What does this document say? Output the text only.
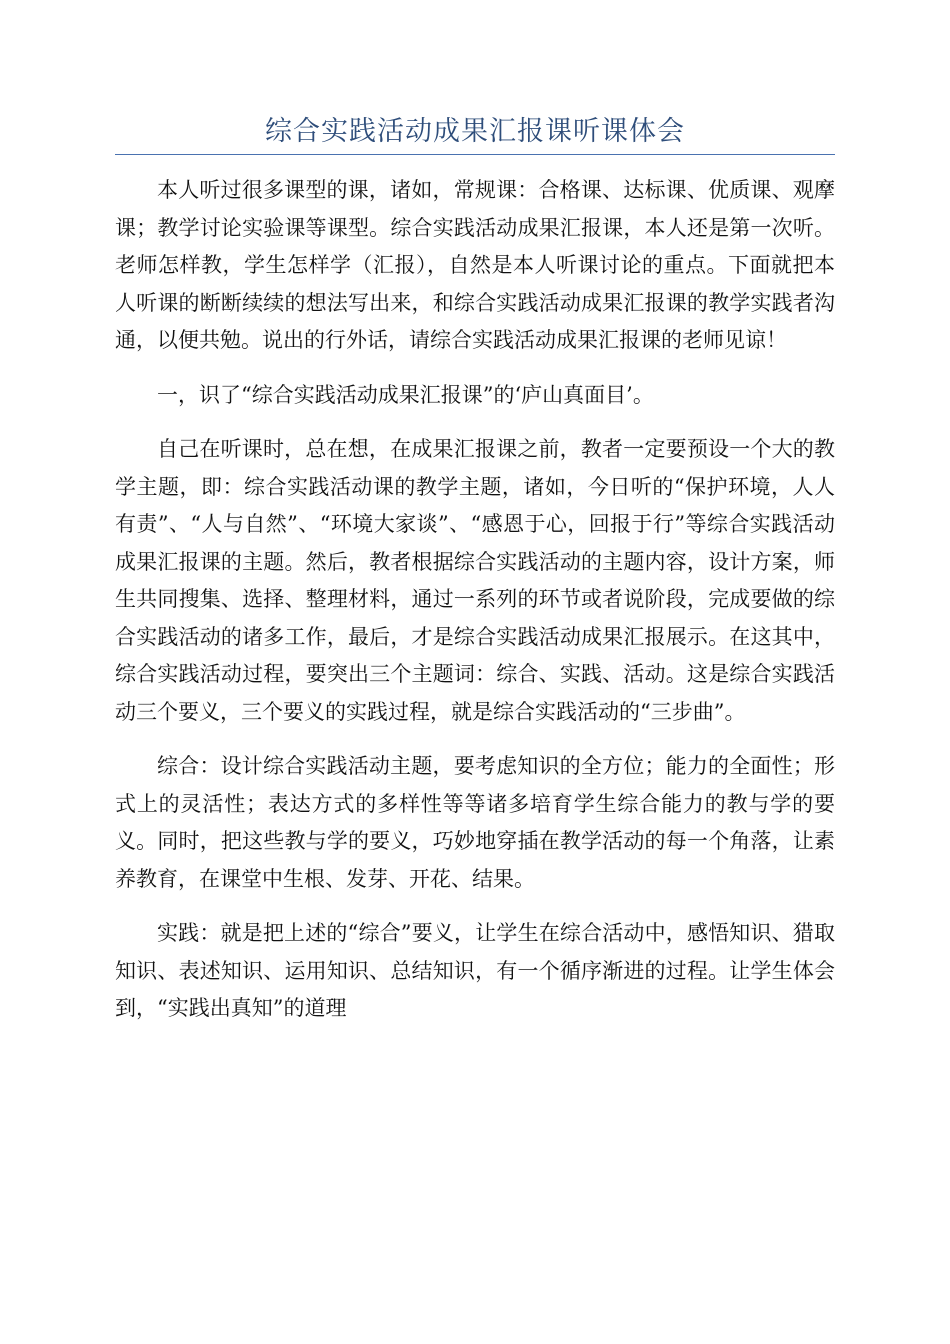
综合实践活动成果汇报课听课体会

本人听过很多课型的课，诸如，常规课：合格课、达标课、优质课、观摩课；教学讨论实验课等课型。综合实践活动成果汇报课，本人还是第一次听。老师怎样教，学生怎样学（汇报），自然是本人听课讨论的重点。下面就把本人听课的断断续续的想法写出来，和综合实践活动成果汇报课的教学实践者沟通，以便共勉。说出的行外话，请综合实践活动成果汇报课的老师见谅！

一，识了“综合实践活动成果汇报课”的‘庐山真面目’。

自己在听课时，总在想，在成果汇报课之前，教者一定要预设一个大的教学主题，即：综合实践活动课的教学主题，诸如，今日听的“保护环境，人人有责”、“人与自然”、“环境大家谈”、“感恩于心，回报于行”等综合实践活动成果汇报课的主题。然后，教者根据综合实践活动的主题内容，设计方案，师生共同搜集、选择、整理材料，通过一系列的环节或者说阶段，完成要做的综合实践活动的诸多工作，最后，才是综合实践活动成果汇报展示。在这其中，综合实践活动过程，要突出三个主题词：综合、实践、活动。这是综合实践活动三个要义，三个要义的实践过程，就是综合实践活动的“三步曲”。

综合：设计综合实践活动主题，要考虑知识的全方位；能力的全面性；形式上的灵活性；表达方式的多样性等等诸多培育学生综合能力的教与学的要义。同时，把这些教与学的要义，巧妙地穿插在教学活动的每一个角落，让素养教育，在课堂中生根、发芽、开花、结果。

实践：就是把上述的“综合”要义，让学生在综合活动中，感悟知识、猎取知识、表述知识、运用知识、总结知识，有一个循序渐进的过程。让学生体会到，“实践出真知”的道理
